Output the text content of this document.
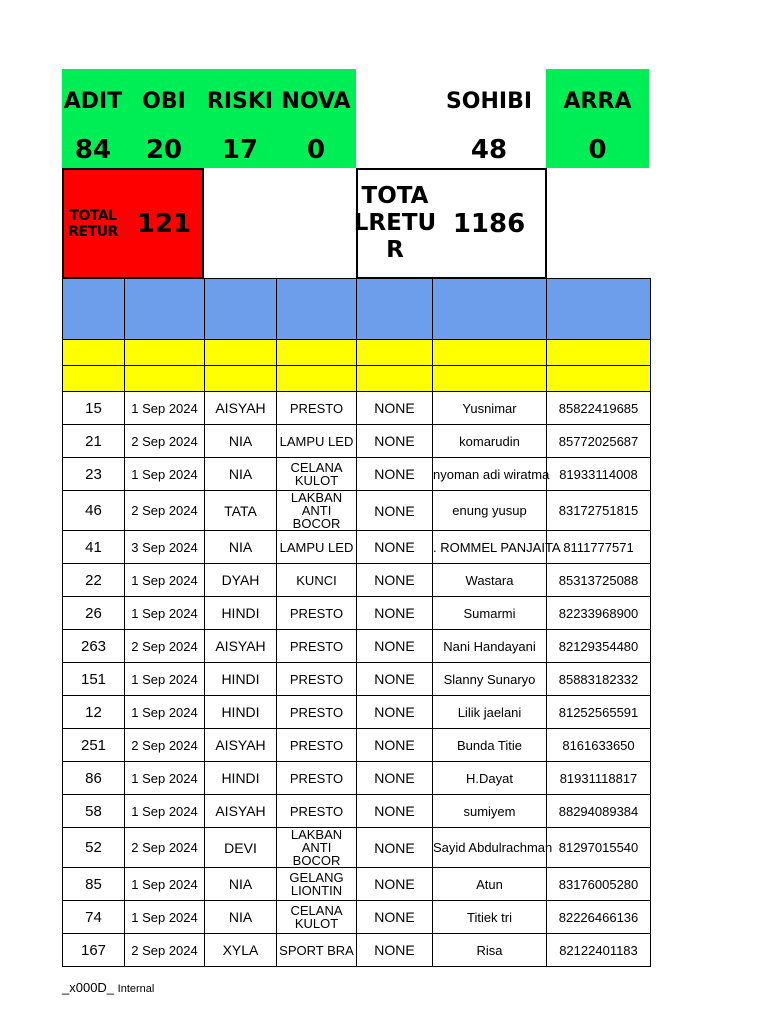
ADIT OBI RISKI NOVA	SOHIBI	ARRA
84	20	17	0	48	0
TOTAL RETUR 121
TOTA LRETU R
1186

15	1 Sep 2024	AISYAH	PRESTO	NONE	Yusnimar	85822419685
21	2 Sep 2024	NIA	LAMPU LED	NONE	komarudin	85772025687
23	1 Sep 2024	NIA	CELANA KULOT	NONE	nyoman adi wiratma	81933114008
46	2 Sep 2024	TATA	LAKBAN ANTI BOCOR	NONE	enung yusup	83172751815
41	3 Sep 2024	NIA	LAMPU LED	NONE	. ROMMEL PANJAITA	8111777571
22	1 Sep 2024	DYAH	KUNCI	NONE	Wastara	85313725088
26	1 Sep 2024	HINDI	PRESTO	NONE	Sumarmi	82233968900
263	2 Sep 2024	AISYAH	PRESTO	NONE	Nani Handayani	82129354480
151	1 Sep 2024	HINDI	PRESTO	NONE	Slanny Sunaryo	85883182332
12	1 Sep 2024	HINDI	PRESTO	NONE	Lilik jaelani	81252565591
251	2 Sep 2024	AISYAH	PRESTO	NONE	Bunda Titie	8161633650
86	1 Sep 2024	HINDI	PRESTO	NONE	H.Dayat	81931118817
58	1 Sep 2024	AISYAH	PRESTO	NONE	sumiyem	88294089384
52	2 Sep 2024	DEVI	LAKBAN ANTI BOCOR	NONE	Sayid Abdulrachman	81297015540
85	1 Sep 2024	NIA	GELANG LIONTIN	NONE	Atun	83176005280
74	1 Sep 2024	NIA	CELANA KULOT	NONE	Titiek tri	82226466136
167	2 Sep 2024	XYLA	SPORT BRA	NONE	Risa	82122401183
_x000D_ Internal
